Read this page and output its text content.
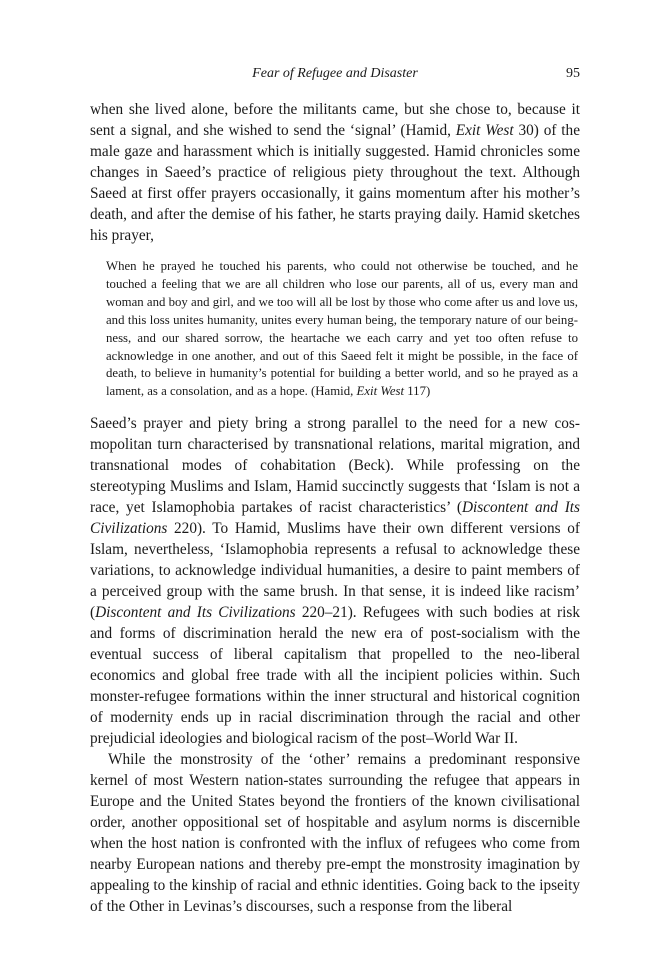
Fear of Refugee and Disaster	95

when she lived alone, before the militants came, but she chose to, because it sent a signal, and she wished to send the ‘signal’ (Hamid, Exit West 30) of the male gaze and harassment which is initially suggested. Hamid chronicles some changes in Saeed’s practice of religious piety throughout the text. Although Saeed at first offer prayers occasionally, it gains momentum after his mother’s death, and after the demise of his father, he starts praying daily. Hamid sketches his prayer,

When he prayed he touched his parents, who could not otherwise be touched, and he touched a feeling that we are all children who lose our parents, all of us, every man and woman and boy and girl, and we too will all be lost by those who come after us and love us, and this loss unites humanity, unites every human being, the temporary nature of our being-ness, and our shared sorrow, the heartache we each carry and yet too often refuse to acknowledge in one another, and out of this Saeed felt it might be possible, in the face of death, to believe in humanity’s potential for building a better world, and so he prayed as a lament, as a consolation, and as a hope. (Hamid, Exit West 117)

Saeed’s prayer and piety bring a strong parallel to the need for a new cosmopolitan turn characterised by transnational relations, marital migration, and transnational modes of cohabitation (Beck). While professing on the stereotyping Muslims and Islam, Hamid succinctly suggests that ‘Islam is not a race, yet Islamophobia partakes of racist characteristics’ (Discontent and Its Civilizations 220). To Hamid, Muslims have their own different versions of Islam, nevertheless, ‘Islamophobia represents a refusal to acknowledge these variations, to acknowledge individual humanities, a desire to paint members of a perceived group with the same brush. In that sense, it is indeed like racism’ (Discontent and Its Civilizations 220–21). Refugees with such bodies at risk and forms of discrimination herald the new era of post-socialism with the eventual success of liberal capitalism that propelled to the neo-liberal economics and global free trade with all the incipient policies within. Such monster-refugee formations within the inner structural and historical cognition of modernity ends up in racial discrimination through the racial and other prejudicial ideologies and biological racism of the post–World War II.

While the monstrosity of the ‘other’ remains a predominant responsive kernel of most Western nation-states surrounding the refugee that appears in Europe and the United States beyond the frontiers of the known civilisational order, another oppositional set of hospitable and asylum norms is discernible when the host nation is confronted with the influx of refugees who come from nearby European nations and thereby pre-empt the monstrosity imagination by appealing to the kinship of racial and ethnic identities. Going back to the ipseity of the Other in Levinas’s discourses, such a response from the liberal
